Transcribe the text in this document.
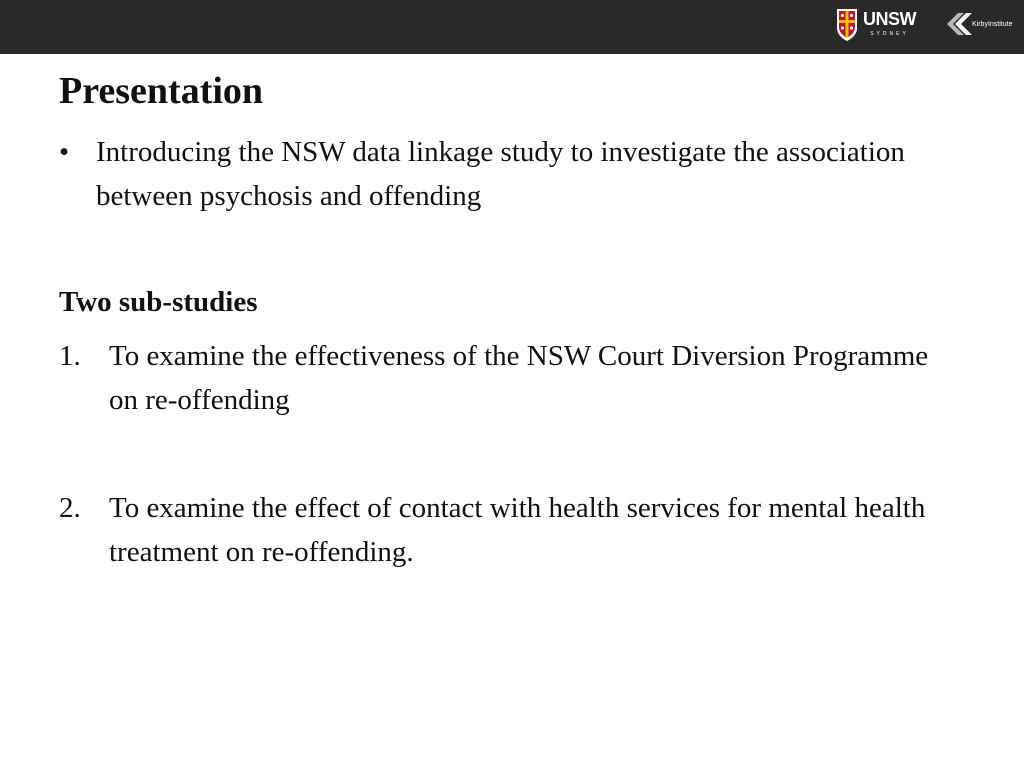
UNSW
SYDNEY
KirbyInstitute
Presentation
• Introducing the NSW data linkage study to investigate the association between psychosis and offending
Two sub-studies
1. To examine the effectiveness of the NSW Court Diversion Programme on re-offending
2. To examine the effect of contact with health services for mental health treatment on re-offending.
